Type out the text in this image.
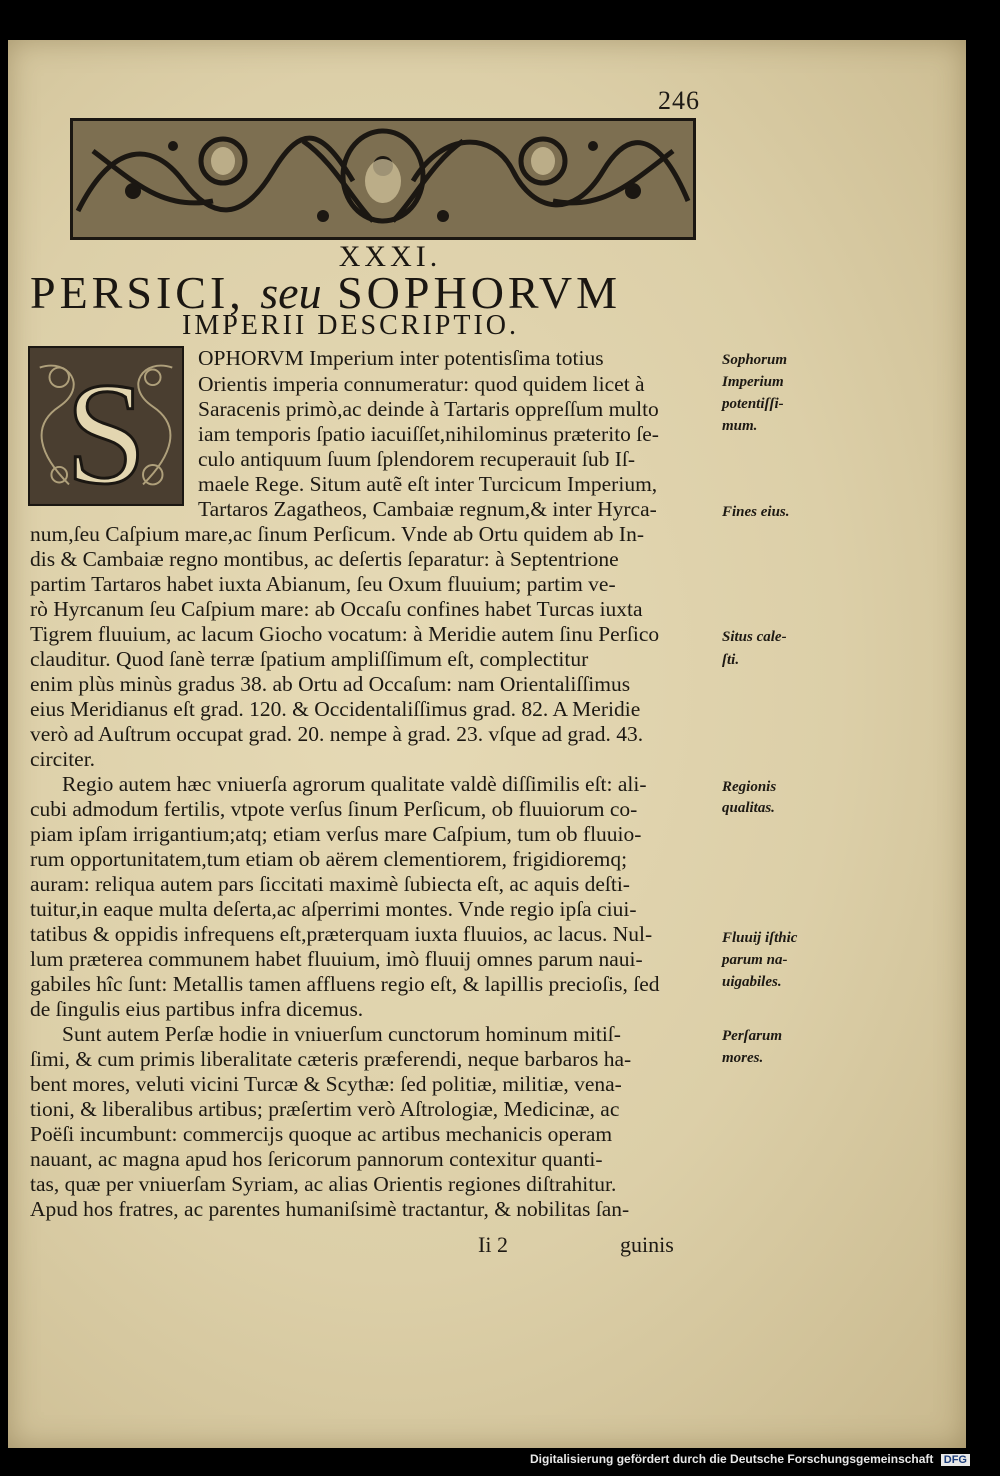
246
XXXI.
PERSICI, seu SOPHORVM
IMPERII DESCRIPTIO.
S OPHORVM Imperium inter potentisſima totius
Orientis imperia connumeratur: quod quidem licet à
Saracenis primò,ac deinde à Tartaris oppreſſum multo
iam temporis ſpatio iacuiſſet,nihilominus præterito ſe-
culo antiquum ſuum ſplendorem recuperauit ſub Iſ-
maele Rege. Situm autẽ eſt inter Turcicum Imperium,
Tartaros Zagatheos, Cambaiæ regnum,& inter Hyrca-
num,ſeu Caſpium mare,ac ſinum Perſicum. Vnde ab Ortu quidem ab In-
dis & Cambaiæ regno montibus, ac deſertis ſeparatur: à Septentrione
partim Tartaros habet iuxta Abianum, ſeu Oxum fluuium; partim ve-
rò Hyrcanum ſeu Caſpium mare: ab Occaſu confines habet Turcas iuxta
Tigrem fluuium, ac lacum Giocho vocatum: à Meridie autem ſinu Perſico
clauditur. Quod ſanè terræ ſpatium ampliſſimum eſt, complectitur
enim plùs minùs gradus 38. ab Ortu ad Occaſum: nam Orientaliſſimus
eius Meridianus eſt grad. 120. & Occidentaliſſimus grad. 82. A Meridie
verò ad Auſtrum occupat grad. 20. nempe à grad. 23. vſque ad grad. 43.
circiter.
Regio autem hæc vniuerſa agrorum qualitate valdè diſſimilis eſt: ali-
cubi admodum fertilis, vtpote verſus ſinum Perſicum, ob fluuiorum co-
piam ipſam irrigantium;atq; etiam verſus mare Caſpium, tum ob fluuio-
rum opportunitatem,tum etiam ob aërem clementiorem, frigidioremq;
auram: reliqua autem pars ſiccitati maximè ſubiecta eſt, ac aquis deſti-
tuitur,in eaque multa deſerta,ac aſperrimi montes. Vnde regio ipſa ciui-
tatibus & oppidis infrequens eſt,præterquam iuxta fluuios, ac lacus. Nul-
lum præterea communem habet fluuium, imò fluuij omnes parum naui-
gabiles hîc ſunt: Metallis tamen affluens regio eſt, & lapillis precioſis, ſed
de ſingulis eius partibus infra dicemus.
Sunt autem Perſæ hodie in vniuerſum cunctorum hominum mitiſ-
ſimi, & cum primis liberalitate cæteris præferendi, neque barbaros ha-
bent mores, veluti vicini Turcæ & Scythæ: ſed politiæ, militiæ, vena-
tioni, & liberalibus artibus; præſertim verò Aſtrologiæ, Medicinæ, ac
Poëſi incumbunt: commercijs quoque ac artibus mechanicis operam
nauant, ac magna apud hos ſericorum pannorum contexitur quanti-
tas, quæ per vniuerſam Syriam, ac alias Orientis regiones diſtrahitur.
Apud hos fratres, ac parentes humaniſsimè tractantur, & nobilitas ſan-
Sophorum
Imperium
potentiſſi-
mum.
Fines eius.
Situs cale-
ſti.
Regionis
qualitas.
Fluuij iſthic
parum na-
uigabiles.
Perſarum
mores.
Ii 2	guinis
Digitalisierung gefördert durch die Deutsche Forschungsgemeinschaft DFG
